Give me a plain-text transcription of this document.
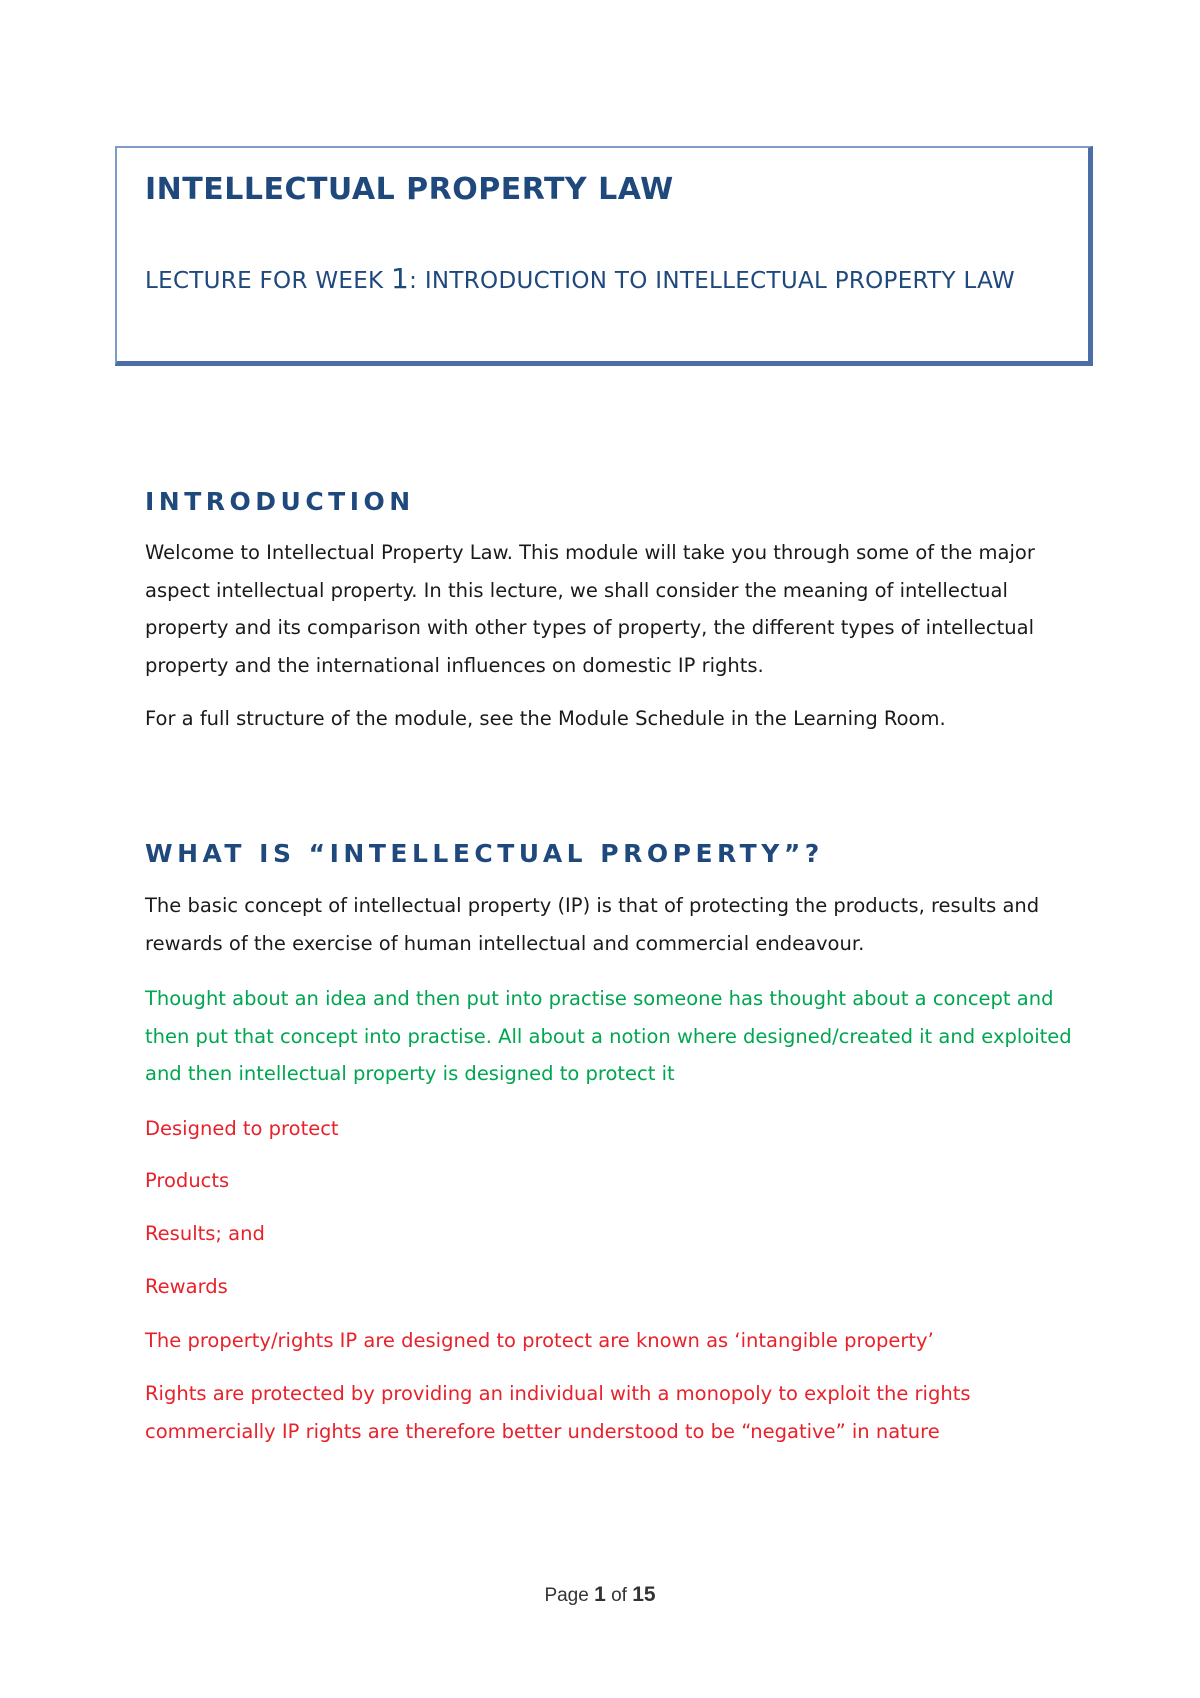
INTELLECTUAL PROPERTY LAW

LECTURE FOR WEEK 1: INTRODUCTION TO INTELLECTUAL PROPERTY LAW

INTRODUCTION

Welcome to Intellectual Property Law. This module will take you through some of the major aspect intellectual property. In this lecture, we shall consider the meaning of intellectual property and its comparison with other types of property, the different types of intellectual property and the international influences on domestic IP rights.

For a full structure of the module, see the Module Schedule in the Learning Room.

WHAT IS “INTELLECTUAL PROPERTY”?

The basic concept of intellectual property (IP) is that of protecting the products, results and rewards of the exercise of human intellectual and commercial endeavour.

Thought about an idea and then put into practise someone has thought about a concept and then put that concept into practise. All about a notion where designed/created it and exploited and then intellectual property is designed to protect it

Designed to protect

Products

Results; and

Rewards

The property/rights IP are designed to protect are known as ‘intangible property’

Rights are protected by providing an individual with a monopoly to exploit the rights commercially IP rights are therefore better understood to be “negative” in nature

Page 1 of 15
